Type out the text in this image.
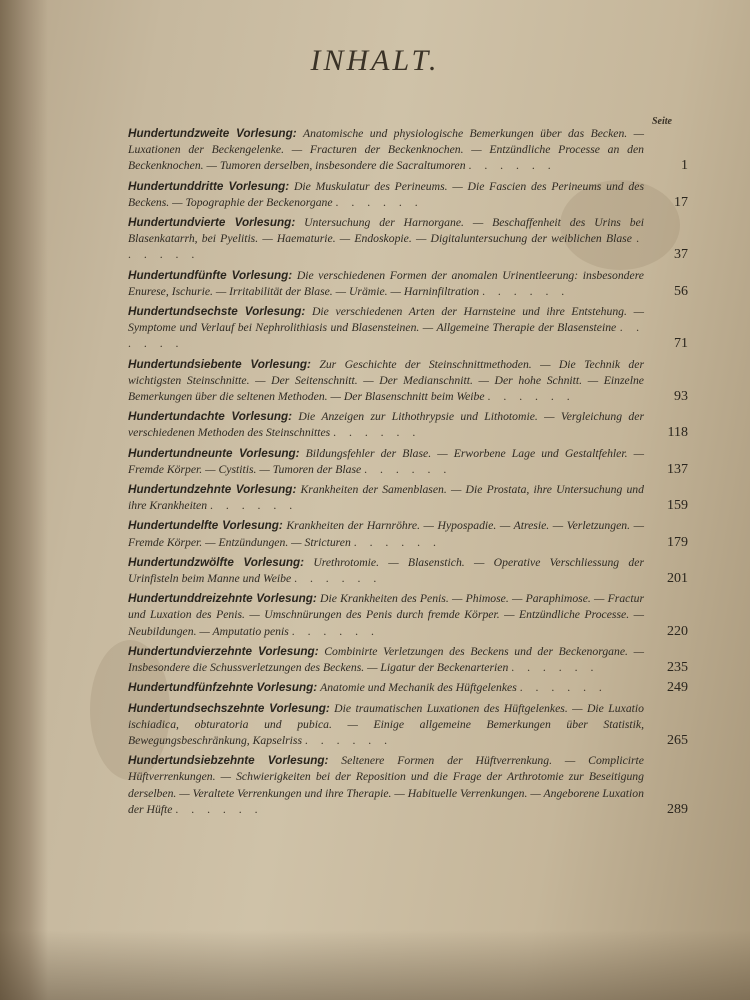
INHALT.
Seite
Hundertundzweite Vorlesung: Anatomische und physiologische Bemerkungen über das Becken. — Luxationen der Beckengelenke. — Fracturen der Beckenknochen. — Entzündliche Processe an den Beckenknochen. — Tumoren derselben, insbesondere die Sacraltumoren . . . . . .	1
Hundertunddritte Vorlesung: Die Muskulatur des Perineums. — Die Fascien des Perineums und des Beckens. — Topographie der Beckenorgane . . . . . .	17
Hundertundvierte Vorlesung: Untersuchung der Harnorgane. — Beschaffenheit des Urins bei Blasenkatarrh, bei Pyelitis. — Haematurie. — Endoskopie. — Digitaluntersuchung der weiblichen Blase . . . . . .	37
Hundertundfünfte Vorlesung: Die verschiedenen Formen der anomalen Urinentleerung: insbesondere Enurese, Ischurie. — Irritabilität der Blase. — Urämie. — Harninfiltration . . . . . .	56
Hundertundsechste Vorlesung: Die verschiedenen Arten der Harnsteine und ihre Entstehung. — Symptome und Verlauf bei Nephrolithiasis und Blasensteinen. — Allgemeine Therapie der Blasensteine . . . . . .	71
Hundertundsiebente Vorlesung: Zur Geschichte der Steinschnittmethoden. — Die Technik der wichtigsten Steinschnitte. — Der Seitenschnitt. — Der Medianschnitt. — Der hohe Schnitt. — Einzelne Bemerkungen über die seltenen Methoden. — Der Blasenschnitt beim Weibe . . . . . .	93
Hundertundachte Vorlesung: Die Anzeigen zur Lithothrypsie und Lithotomie. — Vergleichung der verschiedenen Methoden des Steinschnittes . . . . . .	118
Hundertundneunte Vorlesung: Bildungsfehler der Blase. — Erworbene Lage und Gestaltfehler. — Fremde Körper. — Cystitis. — Tumoren der Blase . . . . . .	137
Hundertundzehnte Vorlesung: Krankheiten der Samenblasen. — Die Prostata, ihre Untersuchung und ihre Krankheiten . . . . . .	159
Hundertundelfte Vorlesung: Krankheiten der Harnröhre. — Hypospadie. — Atresie. — Verletzungen. — Fremde Körper. — Entzündungen. — Stricturen . . . . . .	179
Hundertundzwölfte Vorlesung: Urethrotomie. — Blasenstich. — Operative Verschliessung der Urinfisteln beim Manne und Weibe . . . . . .	201
Hundertunddreizehnte Vorlesung: Die Krankheiten des Penis. — Phimose. — Paraphimose. — Fractur und Luxation des Penis. — Umschnürungen des Penis durch fremde Körper. — Entzündliche Processe. — Neubildungen. — Amputatio penis . . . . . .	220
Hundertundvierzehnte Vorlesung: Combinirte Verletzungen des Beckens und der Beckenorgane. — Insbesondere die Schussverletzungen des Beckens. — Ligatur der Beckenarterien . . . . . .	235
Hundertundfünfzehnte Vorlesung: Anatomie und Mechanik des Hüftgelenkes . . . . . .	249
Hundertundsechszehnte Vorlesung: Die traumatischen Luxationen des Hüftgelenkes. — Die Luxatio ischiadica, obturatoria und pubica. — Einige allgemeine Bemerkungen über Statistik, Bewegungsbeschränkung, Kapselriss . . . . . .	265
Hundertundsiebzehnte Vorlesung: Seltenere Formen der Hüftverrenkung. — Complicirte Hüftverrenkungen. — Schwierigkeiten bei der Reposition und die Frage der Arthrotomie zur Beseitigung derselben. — Veraltete Verrenkungen und ihre Therapie. — Habituelle Verrenkungen. — Angeborene Luxation der Hüfte . . . . . .	289
